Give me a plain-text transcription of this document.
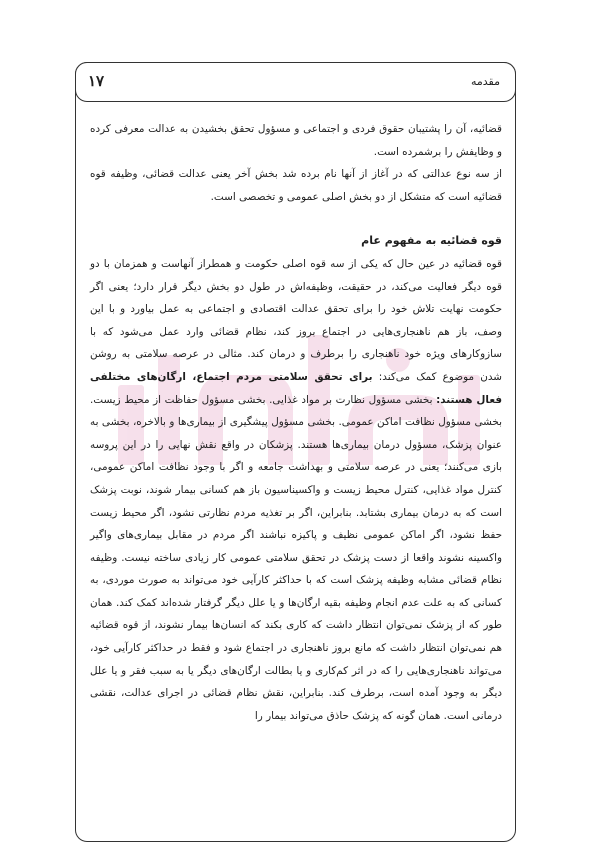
۱۷	مقدمه

قضائیه، آن را پشتیبان حقوق فردی و اجتماعی و مسؤول تحقق بخشیدن به عدالت معرفی کرده و وظایفش را برشمرده است.

از سه نوع عدالتی که در آغاز از آنها نام برده شد بخش آخر یعنی عدالت قضائی، وظیفه قوه قضائیه است که متشکل از دو بخش اصلی عمومی و تخصصی است.

قوه قضائیه به مفهوم عام

قوه قضائیه در عین حال که یکی از سه قوه اصلی حکومت و همطراز آنهاست و همزمان با دو قوه دیگر فعالیت می‌کند، در حقیقت، وظیفه‌اش در طول دو بخش دیگر قرار دارد؛ یعنی اگر حکومت نهایت تلاش خود را برای تحقق عدالت اقتصادی و اجتماعی به عمل بیاورد و با این وصف، باز هم ناهنجاری‌هایی در اجتماع بروز کند، نظام قضائی وارد عمل می‌شود که با سازوکارهای ویژه خود ناهنجاری را برطرف و درمان کند. مثالی در عرصه سلامتی به روشن شدن موضوع کمک می‌کند: برای تحقق سلامتی مردم اجتماع، ارگان‌های مختلفی فعال هستند: بخشی مسؤول نظارت بر مواد غذایی. بخشی مسؤول حفاظت از محیط زیست. بخشی مسؤول نظافت اماکن عمومی. بخشی مسؤول پیشگیری از بیماری‌ها و بالاخره، بخشی به عنوان پزشک، مسؤول درمان بیماری‌ها هستند. پزشکان در واقع نقش نهایی را در این پروسه بازی می‌کنند؛ یعنی در عرصه سلامتی و بهداشت جامعه و اگر با وجود نظافت اماکن عمومی، کنترل مواد غذایی، کنترل محیط زیست و واکسیناسیون باز هم کسانی بیمار شوند، نوبت پزشک است که به درمان بیماری بشتابد. بنابراین، اگر بر تغذیه مردم نظارتی نشود، اگر محیط زیست حفظ نشود، اگر اماکن عمومی نظیف و پاکیزه نباشند اگر مردم در مقابل بیماری‌های واگیر واکسینه نشوند واقعا از دست پزشک در تحقق سلامتی عمومی کار زیادی ساخته نیست. وظیفه نظام قضائی مشابه وظیفه پزشک است که با حداکثر کارآیی خود می‌تواند به صورت موردی، به کسانی که به علت عدم انجام وظیفه بقیه ارگان‌ها و یا علل دیگر گرفتار شده‌اند کمک کند. همان طور که از پزشک نمی‌توان انتظار داشت که کاری بکند که انسان‌ها بیمار نشوند، از قوه قضائیه هم نمی‌توان انتظار داشت که مانع بروز ناهنجاری در اجتماع شود و فقط در حداکثر کارآیی خود، می‌تواند ناهنجاری‌هایی را که در اثر کم‌کاری و یا بطالت ارگان‌های دیگر یا به سبب فقر و یا علل دیگر به وجود آمده است، برطرف کند. بنابراین، نقش نظام قضائی در اجرای عدالت، نقشی درمانی است. همان گونه که پزشک حاذق می‌تواند بیمار را
